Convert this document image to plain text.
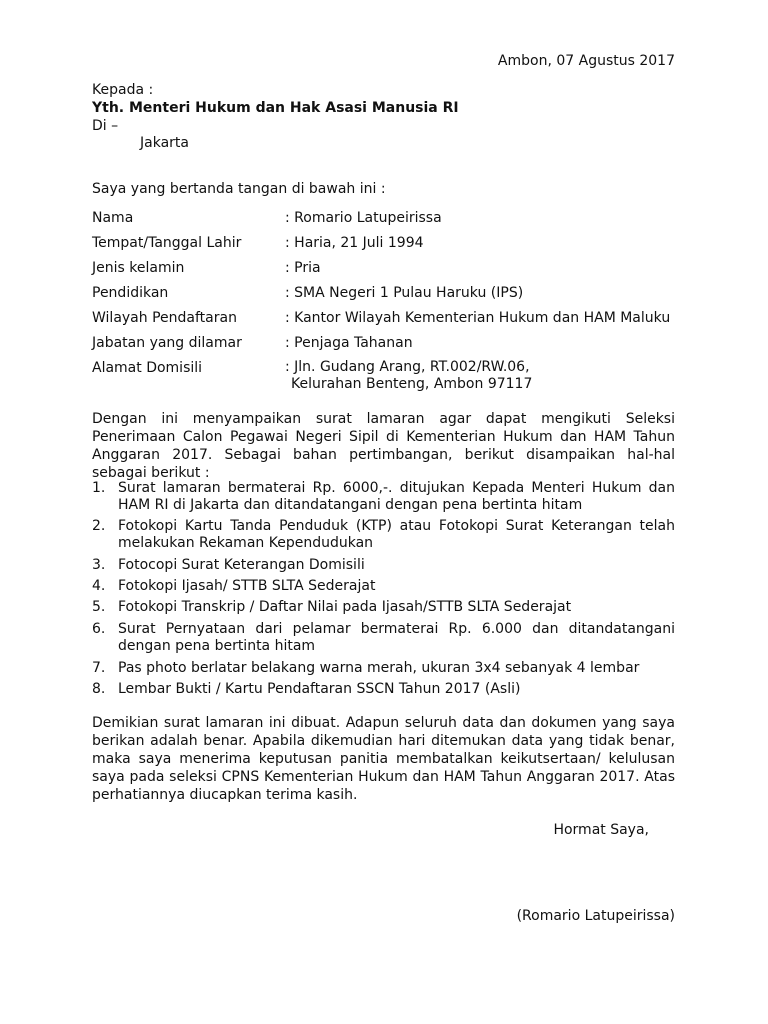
Ambon, 07 Agustus 2017
Kepada :
Yth. Menteri Hukum dan Hak Asasi Manusia RI
Di –
Jakarta
Saya yang bertanda tangan di bawah ini :
Nama	: Romario Latupeirissa
Tempat/Tanggal Lahir	: Haria, 21 Juli 1994
Jenis kelamin	: Pria
Pendidikan	: SMA Negeri 1 Pulau Haruku (IPS)
Wilayah Pendaftaran	: Kantor Wilayah Kementerian Hukum dan HAM Maluku
Jabatan yang dilamar	: Penjaga Tahanan
Alamat Domisili	: Jln. Gudang Arang, RT.002/RW.06,
Kelurahan Benteng, Ambon 97117

Dengan ini menyampaikan surat lamaran agar dapat mengikuti Seleksi Penerimaan Calon Pegawai Negeri Sipil di Kementerian Hukum dan HAM Tahun Anggaran 2017. Sebagai bahan pertimbangan, berikut disampaikan hal-hal sebagai berikut :

1. Surat lamaran bermaterai Rp. 6000,-. ditujukan Kepada Menteri Hukum dan HAM RI di Jakarta dan ditandatangani dengan pena bertinta hitam
2. Fotokopi Kartu Tanda Penduduk (KTP) atau Fotokopi Surat Keterangan telah melakukan Rekaman Kependudukan
3. Fotocopi Surat Keterangan Domisili
4. Fotokopi Ijasah/ STTB SLTA Sederajat
5. Fotokopi Transkrip / Daftar Nilai pada Ijasah/STTB SLTA Sederajat
6. Surat Pernyataan dari pelamar bermaterai Rp. 6.000 dan ditandatangani dengan pena bertinta hitam
7. Pas photo berlatar belakang warna merah, ukuran 3x4 sebanyak 4 lembar
8. Lembar Bukti / Kartu Pendaftaran SSCN Tahun 2017 (Asli)

Demikian surat lamaran ini dibuat. Adapun seluruh data dan dokumen yang saya berikan adalah benar. Apabila dikemudian hari ditemukan data yang tidak benar, maka saya menerima keputusan panitia membatalkan keikutsertaan/ kelulusan saya pada seleksi CPNS Kementerian Hukum dan HAM Tahun Anggaran 2017. Atas perhatiannya diucapkan terima kasih.

Hormat Saya,
(Romario Latupeirissa)
